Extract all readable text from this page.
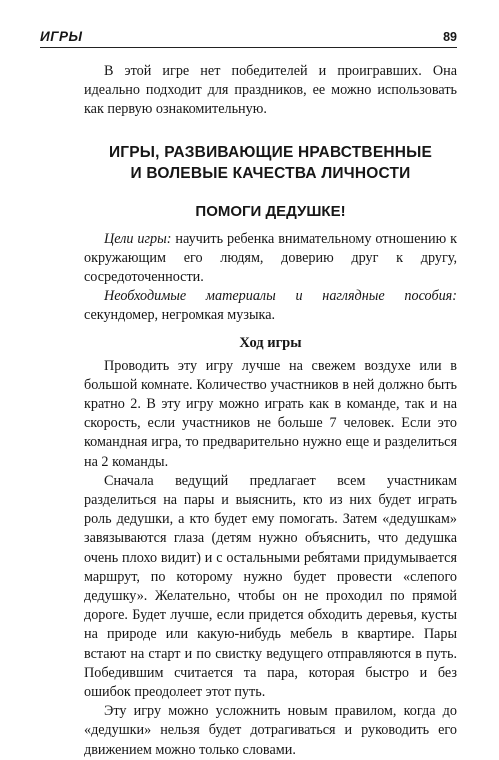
ИГРЫ	89

В этой игре нет победителей и проигравших. Она идеально подходит для праздников, ее можно использовать как первую ознакомительную.

ИГРЫ, РАЗВИВАЮЩИЕ НРАВСТВЕННЫЕ
И ВОЛЕВЫЕ КАЧЕСТВА ЛИЧНОСТИ
ПОМОГИ ДЕДУШКЕ!

Цели игры: научить ребенка внимательному отношению к окружающим его людям, доверию друг к другу, сосредоточенности.

Необходимые материалы и наглядные пособия: секундомер, негромкая музыка.

Ход игры

Проводить эту игру лучше на свежем воздухе или в большой комнате. Количество участников в ней должно быть кратно 2. В эту игру можно играть как в команде, так и на скорость, если участников не больше 7 человек. Если это командная игра, то предварительно нужно еще и разделиться на 2 команды.

Сначала ведущий предлагает всем участникам разделиться на пары и выяснить, кто из них будет играть роль дедушки, а кто будет ему помогать. Затем «дедушкам» завязываются глаза (детям нужно объяснить, что дедушка очень плохо видит) и с остальными ребятами придумывается маршрут, по которому нужно будет провести «слепого дедушку». Желательно, чтобы он не проходил по прямой дороге. Будет лучше, если придется обходить деревья, кусты на природе или какую-нибудь мебель в квартире. Пары встают на старт и по свистку ведущего отправляются в путь. Победившим считается та пара, которая быстро и без ошибок преодолеет этот путь.

Эту игру можно усложнить новым правилом, когда до «дедушки» нельзя будет дотрагиваться и руководить его движением можно только словами.
